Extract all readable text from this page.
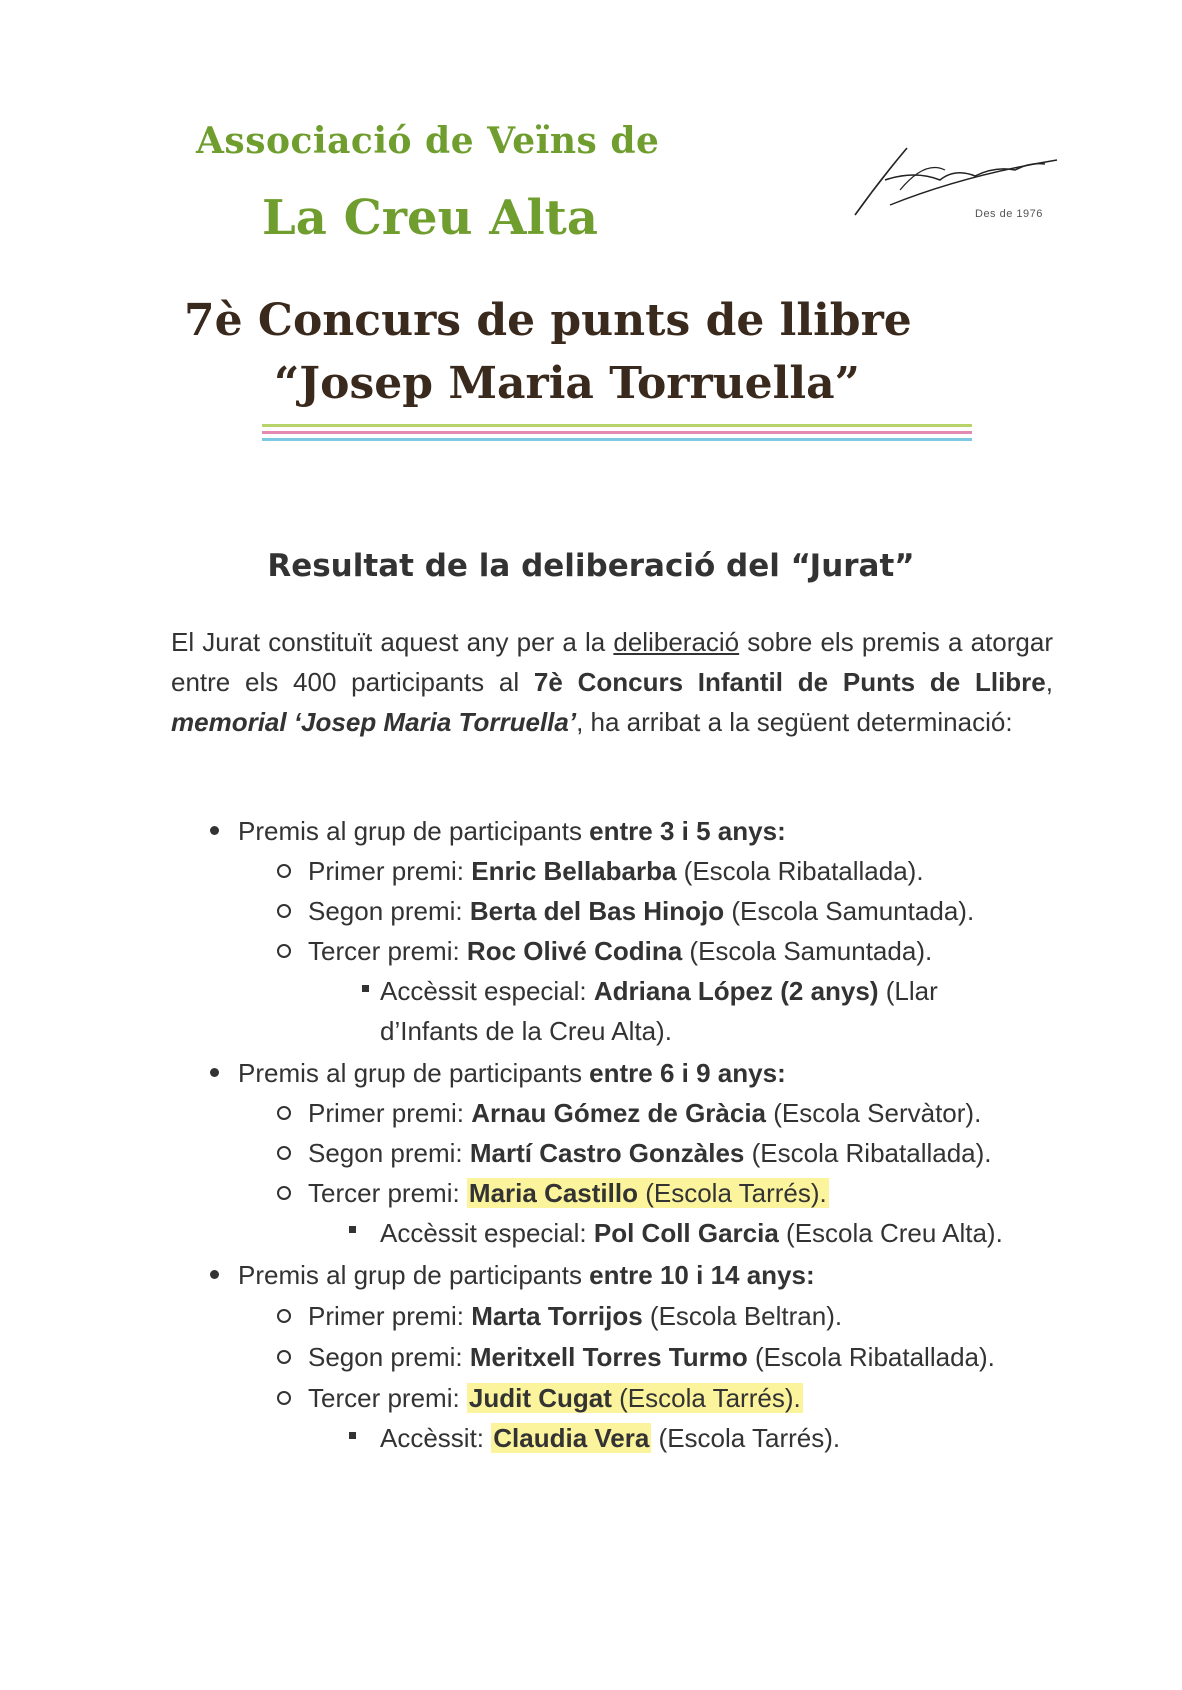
Associació de Veïns de
La Creu Alta	Des de 1976
7è Concurs de punts de llibre
“Josep Maria Torruella”
Resultat de la deliberació del “Jurat”
El Jurat constituït aquest any per a la deliberació sobre els premis a atorgar entre els 400 participants al 7è Concurs Infantil de Punts de Llibre, memorial ‘Josep Maria Torruella’, ha arribat a la següent determinació:
Premis al grup de participants entre 3 i 5 anys:
Primer premi: Enric Bellabarba (Escola Ribatallada).
Segon premi: Berta del Bas Hinojo (Escola Samuntada).
Tercer premi: Roc Olivé Codina (Escola Samuntada).
Accèssit especial: Adriana López (2 anys) (Llar
d’Infants de la Creu Alta).
Premis al grup de participants entre 6 i 9 anys:
Primer premi: Arnau Gómez de Gràcia (Escola Servàtor).
Segon premi: Martí Castro Gonzàles (Escola Ribatallada).
Tercer premi: Maria Castillo (Escola Tarrés).
Accèssit especial: Pol Coll Garcia (Escola Creu Alta).
Premis al grup de participants entre 10 i 14 anys:
Primer premi: Marta Torrijos (Escola Beltran).
Segon premi: Meritxell Torres Turmo (Escola Ribatallada).
Tercer premi: Judit Cugat (Escola Tarrés).
Accèssit: Claudia Vera (Escola Tarrés).
